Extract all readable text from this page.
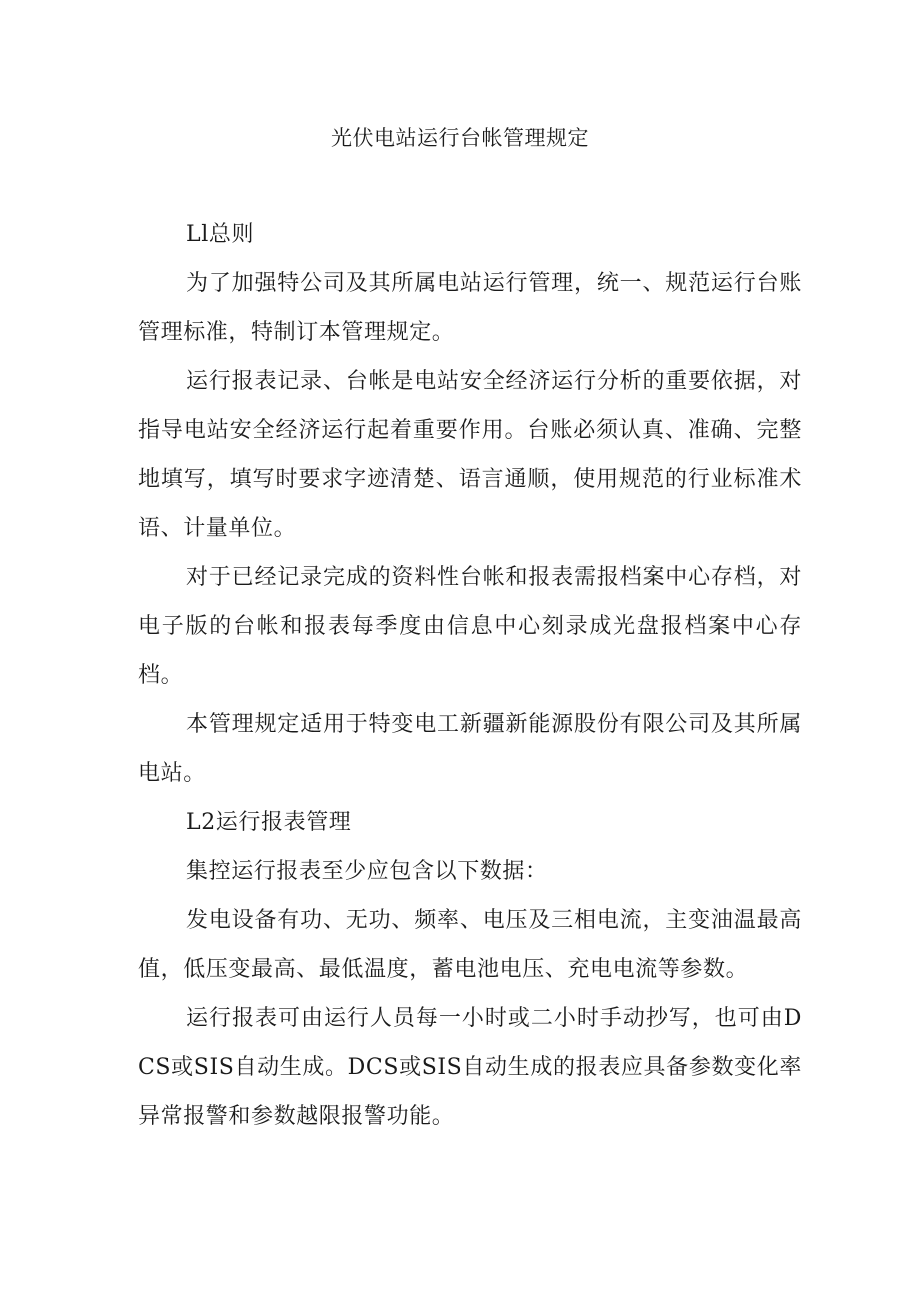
光伏电站运行台帐管理规定
Ll总则

为了加强特公司及其所属电站运行管理，统一、规范运行台账管理标准，特制订本管理规定。

运行报表记录、台帐是电站安全经济运行分析的重要依据，对指导电站安全经济运行起着重要作用。台账必须认真、准确、完整地填写，填写时要求字迹清楚、语言通顺，使用规范的行业标准术语、计量单位。

对于已经记录完成的资料性台帐和报表需报档案中心存档，对电子版的台帐和报表每季度由信息中心刻录成光盘报档案中心存档。

本管理规定适用于特变电工新疆新能源股份有限公司及其所属电站。

L2运行报表管理

集控运行报表至少应包含以下数据：

发电设备有功、无功、频率、电压及三相电流，主变油温最高值，低压变最高、最低温度，蓄电池电压、充电电流等参数。

运行报表可由运行人员每一小时或二小时手动抄写，也可由DCS或SIS自动生成。DCS或SIS自动生成的报表应具备参数变化率异常报警和参数越限报警功能。
